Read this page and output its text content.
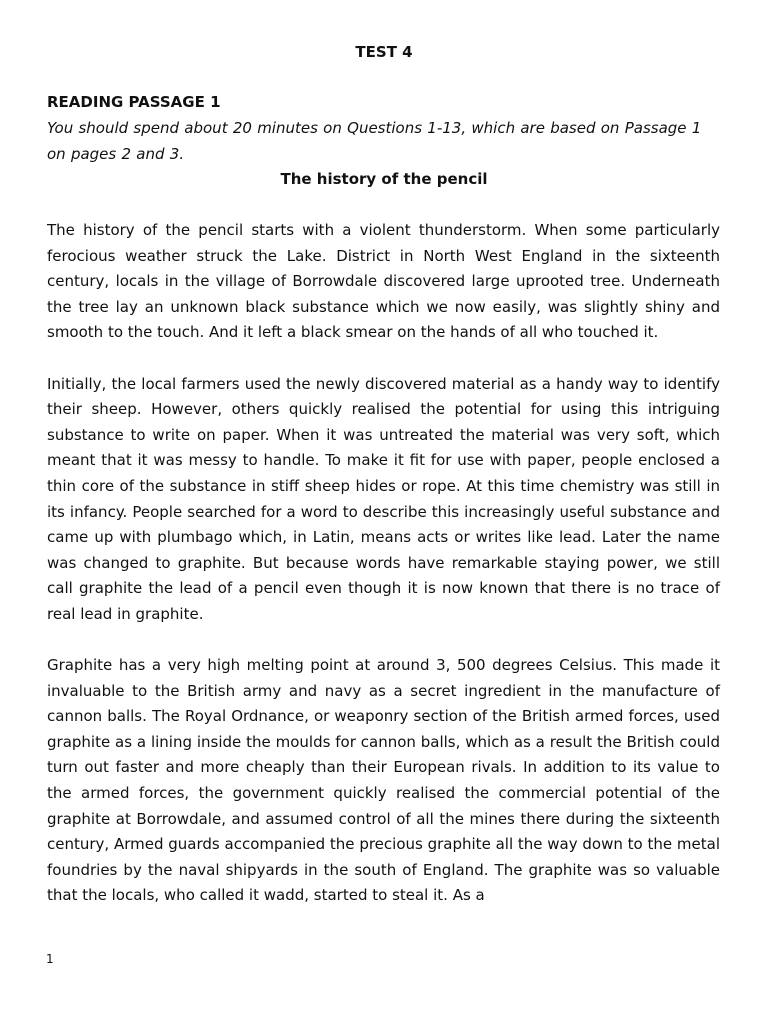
TEST 4
READING PASSAGE 1
You should spend about 20 minutes on Questions 1-13, which are based on Passage 1 on pages 2 and 3.
The history of the pencil

The history of the pencil starts with a violent thunderstorm. When some particularly ferocious weather struck the Lake. District in North West England in the sixteenth century, locals in the village of Borrowdale discovered large uprooted tree. Underneath the tree lay an unknown black substance which we now easily, was slightly shiny and smooth to the touch. And it left a black smear on the hands of all who touched it.

Initially, the local farmers used the newly discovered material as a handy way to identify their sheep. However, others quickly realised the potential for using this intriguing substance to write on paper. When it was untreated the material was very soft, which meant that it was messy to handle. To make it fit for use with paper, people enclosed a thin core of the substance in stiff sheep hides or rope. At this time chemistry was still in its infancy. People searched for a word to describe this increasingly useful substance and came up with plumbago which, in Latin, means acts or writes like lead. Later the name was changed to graphite. But because words have remarkable staying power, we still call graphite the lead of a pencil even though it is now known that there is no trace of real lead in graphite.

Graphite has a very high melting point at around 3, 500 degrees Celsius. This made it invaluable to the British army and navy as a secret ingredient in the manufacture of cannon balls. The Royal Ordnance, or weaponry section of the British armed forces, used graphite as a lining inside the moulds for cannon balls, which as a result the British could turn out faster and more cheaply than their European rivals. In addition to its value to the armed forces, the government quickly realised the commercial potential of the graphite at Borrowdale, and assumed control of all the mines there during the sixteenth century, Armed guards accompanied the precious graphite all the way down to the metal foundries by the naval shipyards in the south of England. The graphite was so valuable that the locals, who called it wadd, started to steal it. As a

1
